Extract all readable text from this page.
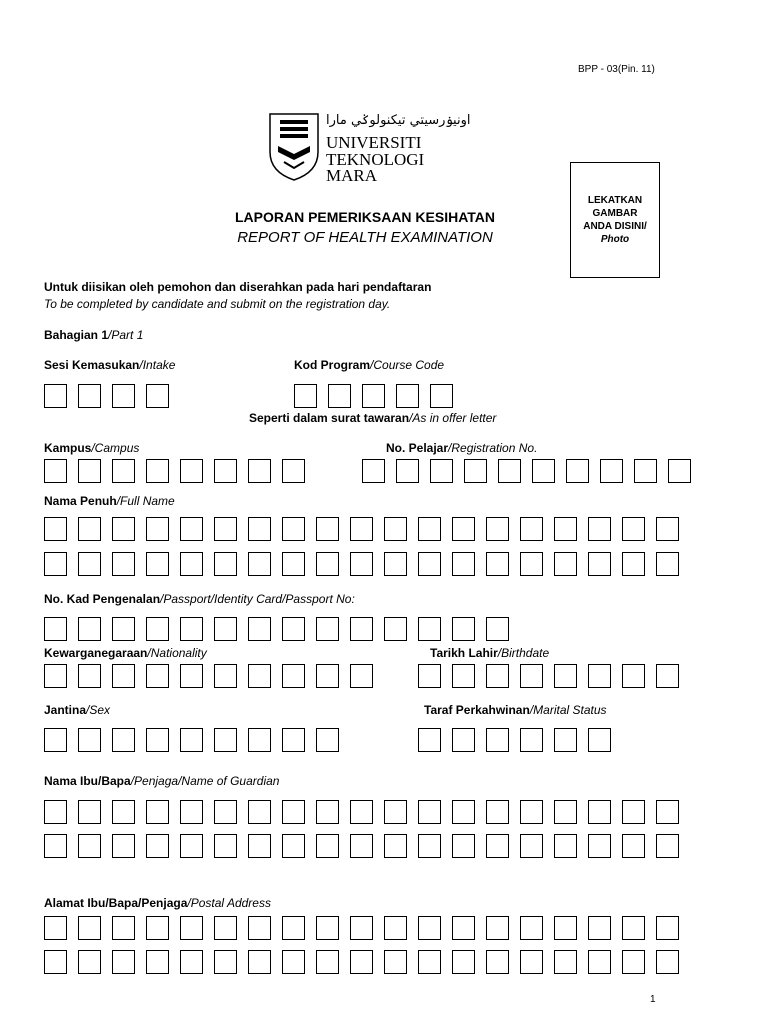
BPP - 03(Pin. 11)
اونيۏرسيتي تيكنولوݢي مارا
UNIVERSITI
TEKNOLOGI
MARA
LEKATKAN
GAMBAR
ANDA DISINI/
Photo
LAPORAN PEMERIKSAAN KESIHATAN
REPORT OF HEALTH EXAMINATION
Untuk diisikan oleh pemohon dan diserahkan pada hari pendaftaran
To be completed by candidate and submit on the registration day.
Bahagian 1/Part 1
Sesi Kemasukan/Intake	Kod Program/Course Code
Seperti dalam surat tawaran/As in offer letter
Kampus/Campus	No. Pelajar/Registration No.
Nama Penuh/Full Name
No. Kad Pengenalan/Passport/Identity Card/Passport No:
Kewarganegaraan/Nationality	Tarikh Lahir/Birthdate
Jantina/Sex	Taraf Perkahwinan/Marital Status
Nama Ibu/Bapa/Penjaga/Name of Guardian
Alamat Ibu/Bapa/Penjaga/Postal Address
1
